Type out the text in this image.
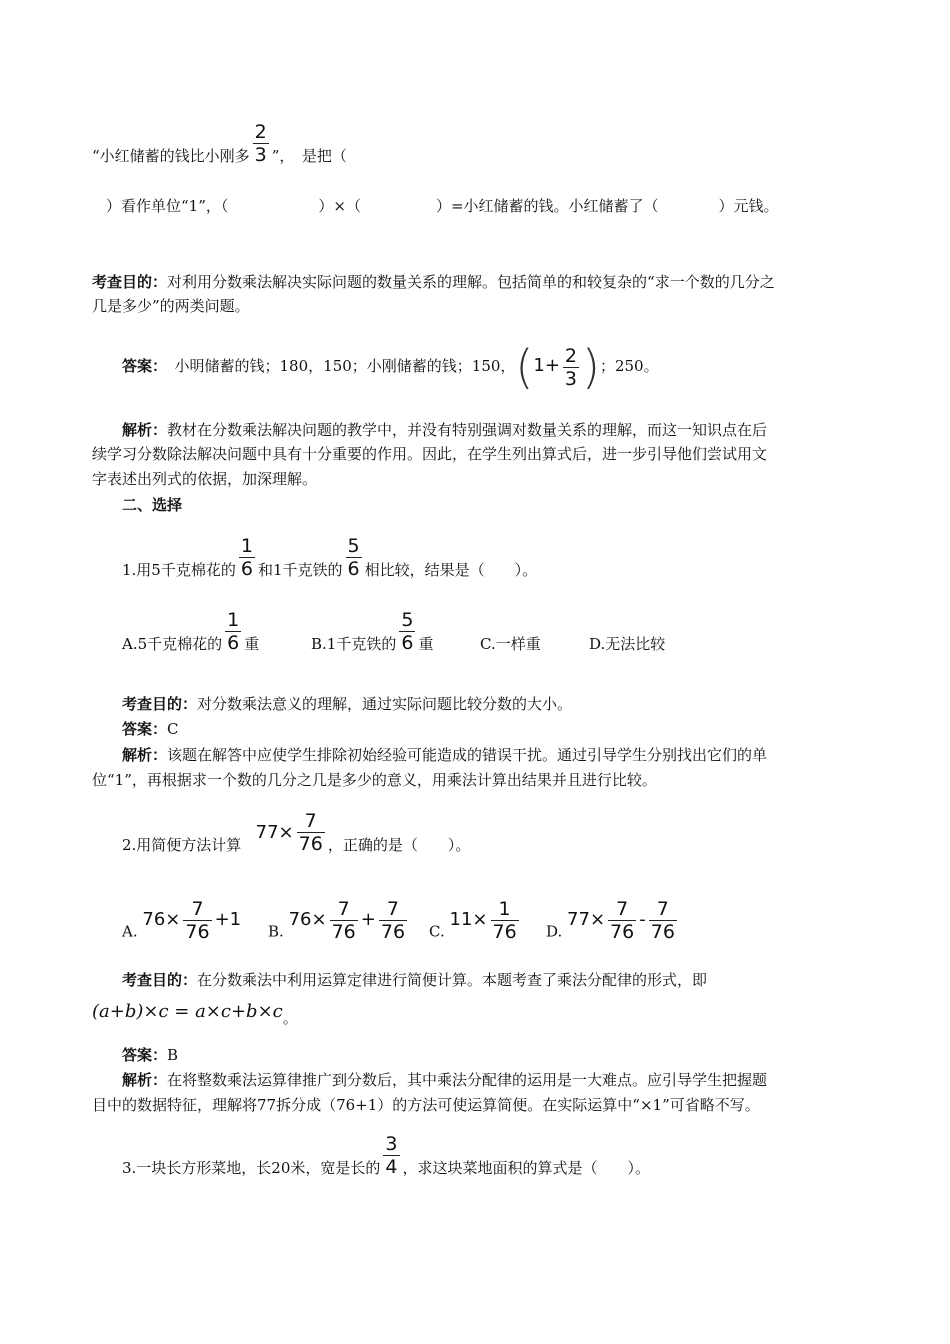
“小红储蓄的钱比小刚多 $\frac{2}{3}$ ”，　是把（
）看作单位“1”，（　　　　　　）×（　　　　　）=小红储蓄的钱。小红储蓄了（　　　　）元钱。
考查目的：对利用分数乘法解决实际问题的数量关系的理解。包括简单的和较复杂的“求一个数的几分之
几是多少”的两类问题。
答案：　小明储蓄的钱；180，150；小刚储蓄的钱；150，($1+ \frac{2}{3}$ )；250。
解析：教材在分数乘法解决问题的教学中，并没有特别强调对数量关系的理解，而这一知识点在后
续学习分数除法解决问题中具有十分重要的作用。因此，在学生列出算式后，进一步引导他们尝试用文
字表述出列式的依据，加深理解。
二、选择
1.用5千克棉花的 $\frac{1}{6}$ 和1千克铁的 $\frac{5}{6}$ 相比较，结果是（　　）。
A.5千克棉花的 $\frac{1}{6}$ 重	B.1千克铁的 $\frac{5}{6}$ 重	C.一样重	D.无法比较
考查目的：对分数乘法意义的理解，通过实际问题比较分数的大小。
答案：C
解析：该题在解答中应使学生排除初始经验可能造成的错误干扰。通过引导学生分别找出它们的单
位“1”，再根据求一个数的几分之几是多少的意义，用乘法计算出结果并且进行比较。
2.用简便方法计算   $77\times \frac{7}{76}$ ，正确的是（　　）。
A. $76\times \frac{7}{76} +1$
B. $76\times \frac{7}{76} + \frac{7}{76} C$. $11\times \frac{1}{76} D$. $77\times \frac{7}{76} - \frac{7}{76}$
考查目的：在分数乘法中利用运算定律进行简便计算。本题考查了乘法分配律的形式，即
(a+b)×c = a×c+b×c。
答案：B
解析：在将整数乘法运算律推广到分数后，其中乘法分配律的运用是一大难点。应引导学生把握题
目中的数据特征，理解将77拆分成（76+1）的方法可使运算简便。在实际运算中“×1”可省略不写。
3.一块长方形菜地，长20米，宽是长的 $\frac{3}{4}$ ，求这块菜地面积的算式是（　　）。
